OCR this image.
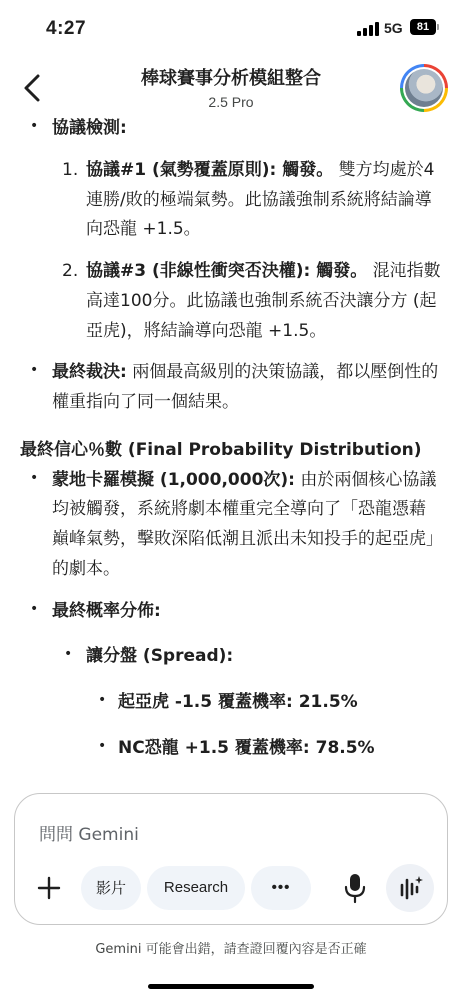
4:27	5G	81
棒球賽事分析模組整合
2.5 Pro
• 協議檢測:
1. 協議#1 (氣勢覆蓋原則): 觸發。 雙方均處於4連勝/敗的極端氣勢。此協議強制系統將結論導向恐龍 +1.5。
2. 協議#3 (非線性衝突否決權): 觸發。 混沌指數高達100分。此協議也強制系統否決讓分方 (起亞虎)，將結論導向恐龍 +1.5。
• 最終裁決: 兩個最高級別的決策協議，都以壓倒性的權重指向了同一個結果。
最終信心％數 (Final Probability Distribution)
• 蒙地卡羅模擬 (1,000,000次): 由於兩個核心協議均被觸發，系統將劇本權重完全導向了「恐龍憑藉巔峰氣勢，擊敗深陷低潮且派出未知投手的起亞虎」的劇本。
• 最終概率分佈:
• 讓分盤 (Spread):
• 起亞虎 -1.5 覆蓋機率: 21.5%
• NC恐龍 +1.5 覆蓋機率: 78.5%
問問 Gemini
影片	Research	•••
Gemini 可能會出錯，請查證回覆內容是否正確
